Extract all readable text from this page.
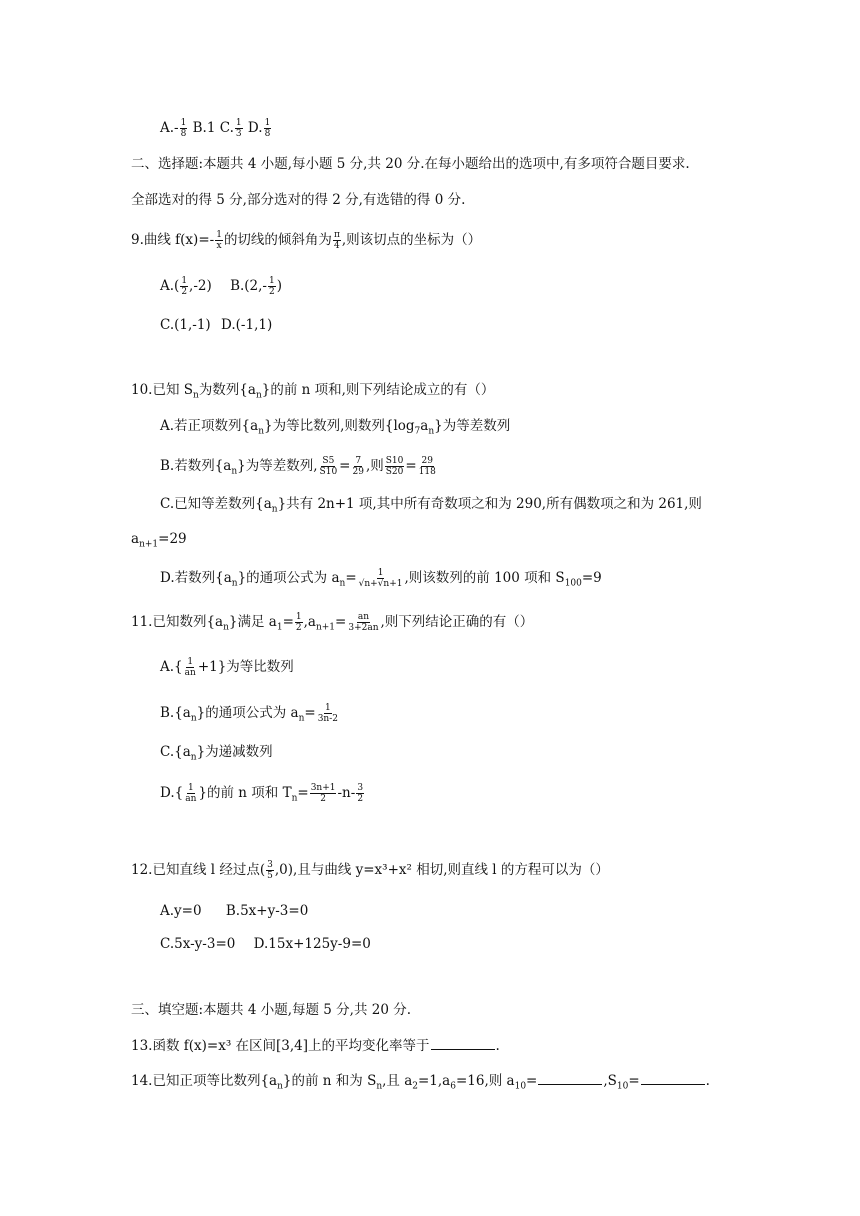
$A.- \frac{1}{8} B.1$ C. $\frac{1}{3} D$. $\frac{1}{8}$
二、选择题:本题共 4 小题,每小题 5 分,共 20 分.在每小题给出的选项中,有多项符合题目要求.
全部选对的得 5 分,部分选对的得 2 分,有选错的得 0 分.
9.曲线 $f(x)=- \frac{1}{x}$ 的切线的倾斜角为 $\frac{\pi}{4}$ ,则该切点的坐标为（）
$A.( \frac{1}{2} ,-2)$ $B.(2,- \frac{1}{2}$ )
C.(1,-1) D.(-1,1)
10.已知 $S_n$为数列$\{a_n\}$的前 n 项和,则下列结论成立的有（）
A.若正项数列$\{a_n\}$为等比数列,则数列$\{\log_7a_n\}$为等差数列
B.若数列$\{a_n\}$为等差数列, $\frac{S5}{S10} = \frac{7}{29}$ ,则 $\frac{S10}{S20} = \frac{29}{118}$
C.已知等差数列$\{a_n\}$共有 2n+1 项,其中所有奇数项之和为 290,所有偶数项之和为 261,则
$a_{n+1}=29$
D.若数列$\{a_n\}$的通项公式为 $a_n= \frac{1}{√n+√n+1}$ ,则该数列的前 100 项和 $S_{100}=9$
11.已知数列$\{a_n\}$满足 $a_1= \frac{1}{2} ,a_{n+1}= \frac{an}{3+2an}$ ,则下列结论正确的有（）
$A.\{ \frac{1}{an} +1\}$为等比数列
$B.\{a_n\}$的通项公式为 $a_n= \frac{1}{3n-2}$
$C.\{a_n\}$为递减数列
$D.\{ \frac{1}{an}$ }的前 n 项和 $T_n= \frac{3n+1}{2} -n- \frac{3}{2}$
12.已知直线 l 经过点( $\frac{3}{5} ,0$),且与曲线 y=x³+x² 相切,则直线 l 的方程可以为（）
A.y=0 B.5x+y-3=0
C.5x-y-3=0 D.15x+125y-9=0
三、填空题:本题共 4 小题,每题 5 分,共 20 分.
13.函数 f(x)=x³ 在区间[3,4]上的平均变化率等于	.
14.已知正项等比数列$\{a_n\}$的前 n 和为 $S_n$,且 $a_2=1,a_6=16$,则 $a_{10}=$	$,S_{10}=$	.
